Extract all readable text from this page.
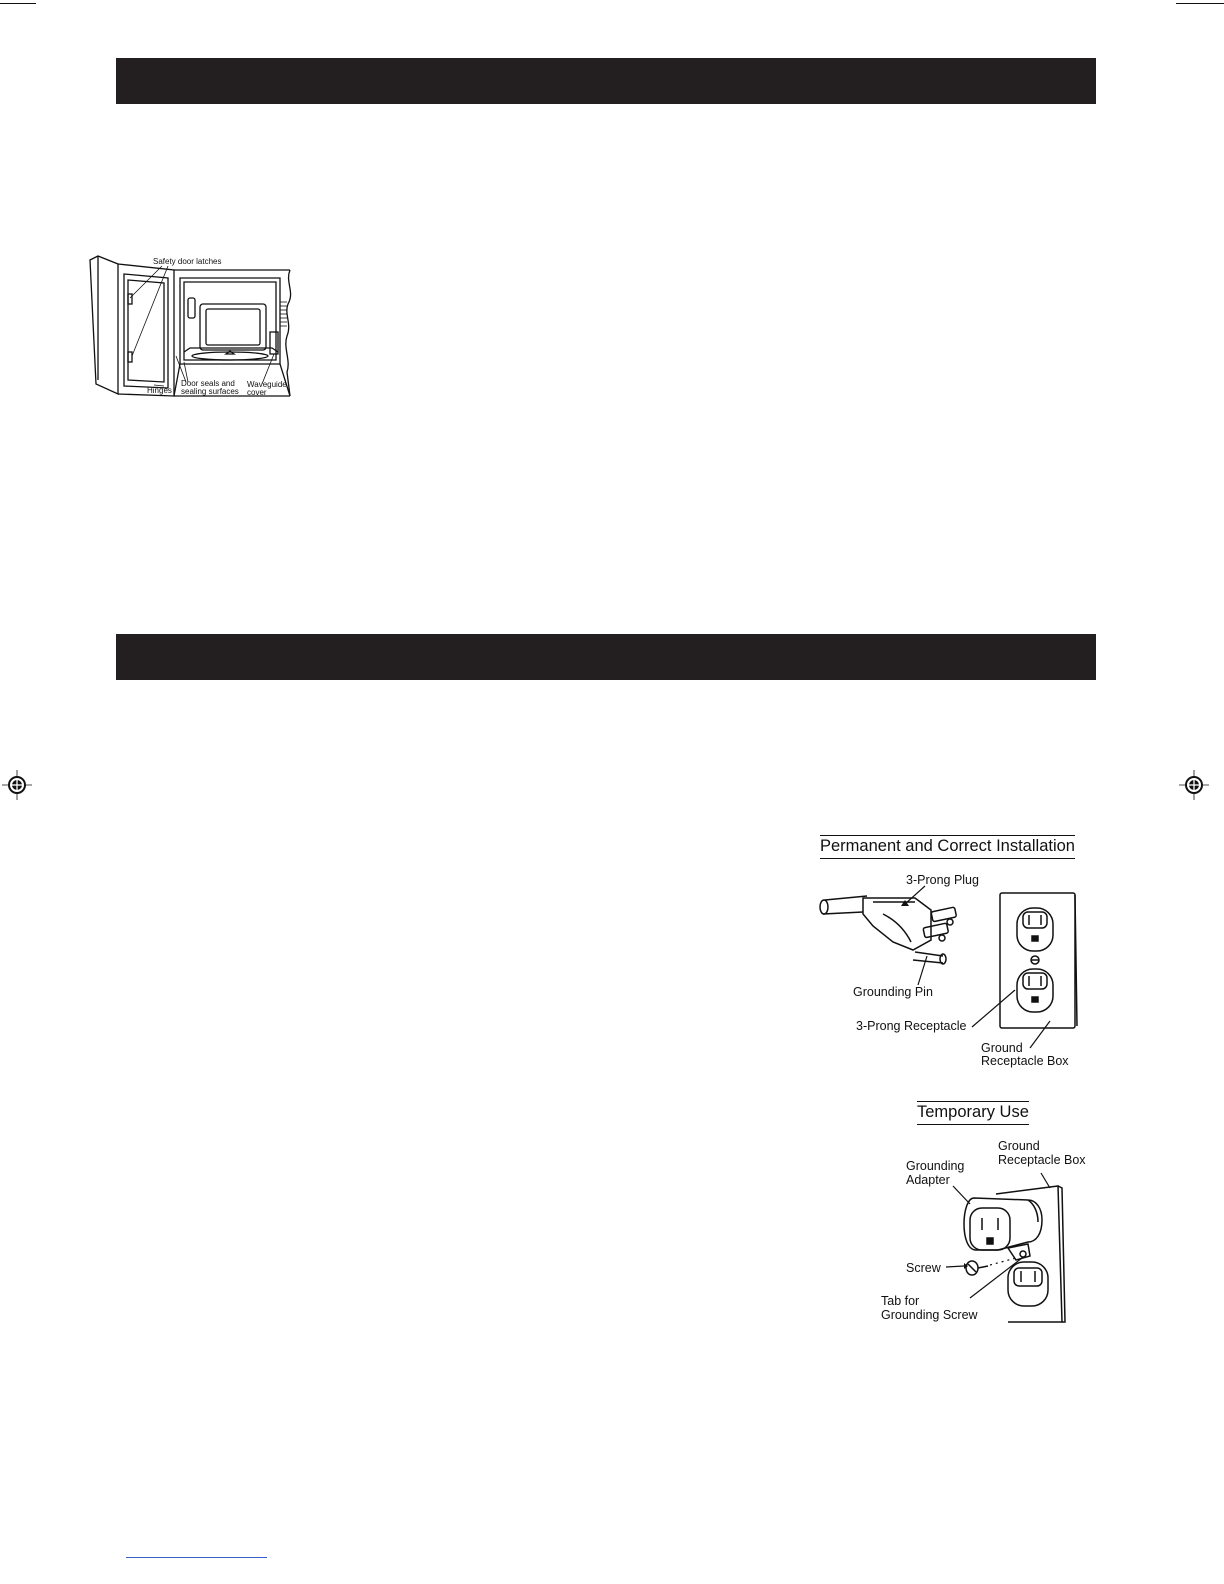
Safety door latches
Hinges
Door seals and
sealing surfaces
Waveguide
cover
Permanent and Correct Installation
3-Prong Plug
Grounding Pin
3-Prong Receptacle
Ground
Receptacle Box
Temporary Use
Ground
Receptacle Box
Grounding
Adapter
Screw
Tab for
Grounding Screw
